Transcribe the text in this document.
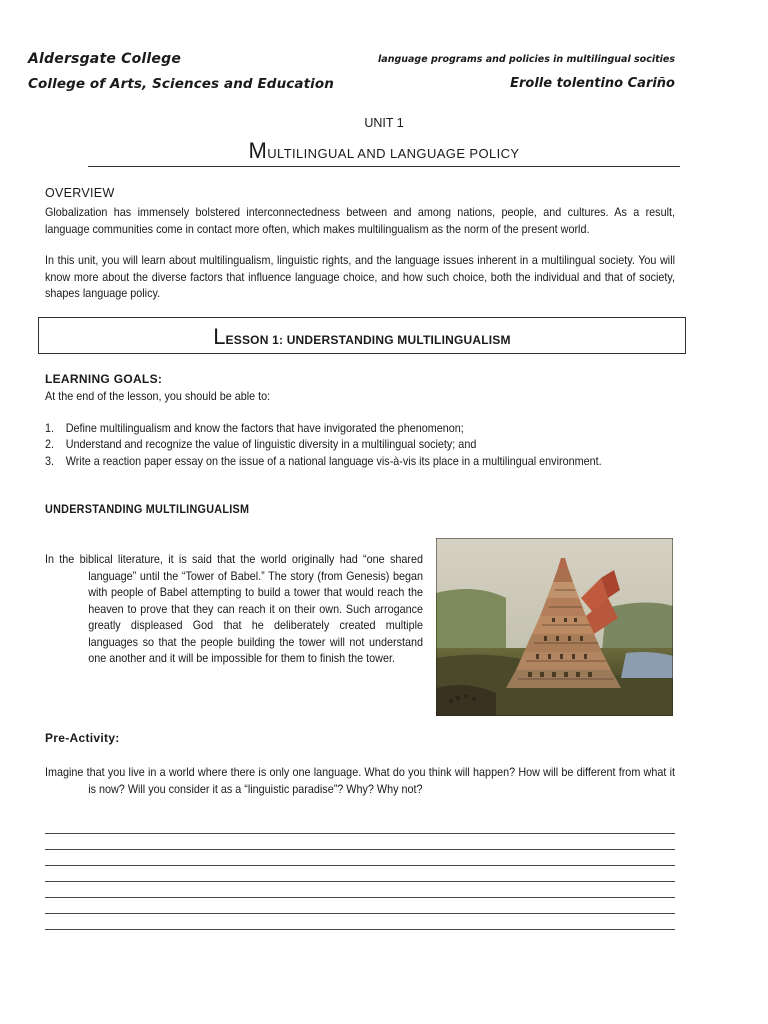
Aldersgate College
College of Arts, Sciences and Education
language programs and policies in multilingual socities
Erolle tolentino Cariño
UNIT 1
MULTILINGUAL AND LANGUAGE POLICY
OVERVIEW
Globalization has immensely bolstered interconnectedness between and among nations, people, and cultures. As a result, language communities come in contact more often, which makes multilingualism as the norm of the present world.
In this unit, you will learn about multilingualism, linguistic rights, and the language issues inherent in a multilingual society. You will know more about the diverse factors that influence language choice, and how such choice, both the individual and that of society, shapes language policy.
LESSON 1: UNDERSTANDING MULTILINGUALISM
LEARNING GOALS:
At the end of the lesson, you should be able to:
1. Define multilingualism and know the factors that have invigorated the phenomenon;
2. Understand and recognize the value of linguistic diversity in a multilingual society; and
3. Write a reaction paper essay on the issue of a national language vis-à-vis its place in a multilingual environment.
UNDERSTANDING MULTILINGUALISM
In the biblical literature, it is said that the world originally had “one shared language” until the “Tower of Babel.” The story (from Genesis) began with people of Babel attempting to build a tower that would reach the heaven to prove that they can reach it on their own. Such arrogance greatly displeased God that he deliberately created multiple languages so that the people building the tower will not understand one another and it will be impossible for them to finish the tower.
Pre-Activity:
Imagine that you live in a world where there is only one language. What do you think will happen? How will be different from what it is now? Will you consider it as a “linguistic paradise”? Why? Why not?
